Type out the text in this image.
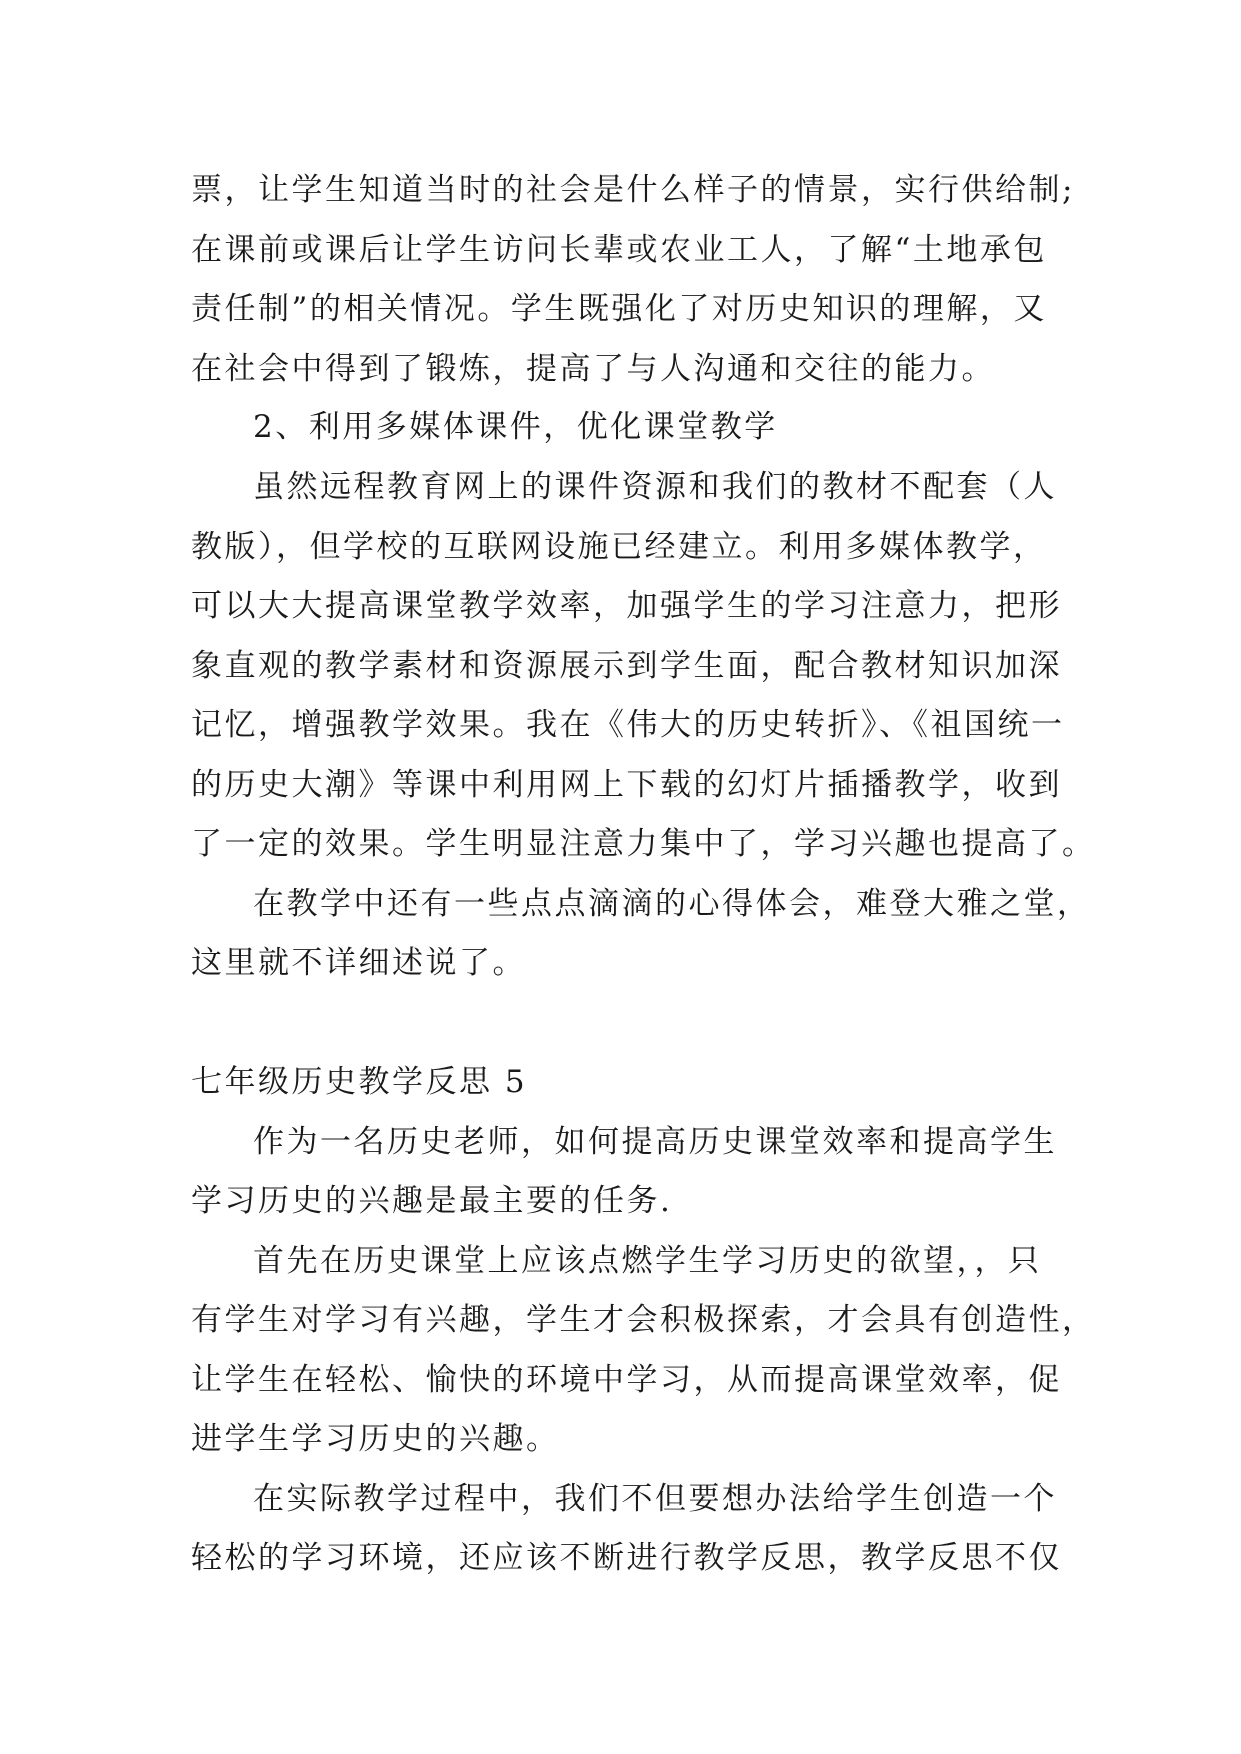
票，让学生知道当时的社会是什么样子的情景，实行供给制;
在课前或课后让学生访问长辈或农业工人，了解“土地承包
责任制”的相关情况。学生既强化了对历史知识的理解，又
在社会中得到了锻炼，提高了与人沟通和交往的能力。
2、利用多媒体课件，优化课堂教学
虽然远程教育网上的课件资源和我们的教材不配套（人
教版），但学校的互联网设施已经建立。利用多媒体教学，
可以大大提高课堂教学效率，加强学生的学习注意力，把形
象直观的教学素材和资源展示到学生面，配合教材知识加深
记忆，增强教学效果。我在《伟大的历史转折》、《祖国统一
的历史大潮》等课中利用网上下载的幻灯片插播教学，收到
了一定的效果。学生明显注意力集中了，学习兴趣也提高了。
在教学中还有一些点点滴滴的心得体会，难登大雅之堂，
这里就不详细述说了。
七年级历史教学反思 5
作为一名历史老师，如何提高历史课堂效率和提高学生
学习历史的兴趣是最主要的任务.
首先在历史课堂上应该点燃学生学习历史的欲望，，只
有学生对学习有兴趣，学生才会积极探索，才会具有创造性，
让学生在轻松、愉快的环境中学习，从而提高课堂效率，促
进学生学习历史的兴趣。
在实际教学过程中，我们不但要想办法给学生创造一个
轻松的学习环境，还应该不断进行教学反思，教学反思不仅
